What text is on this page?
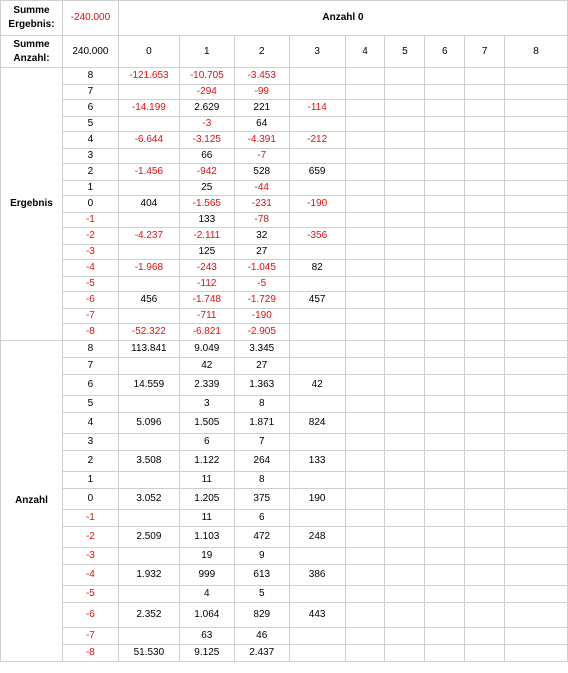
Summe Ergebnis:	-240.000	Anzahl 0								
Summe Anzahl:	240.000	0	1	2	3	4	5	6	7	8
Ergebnis	8	-121.653	-10.705	-3.453						
	7		-294	-99						
	6	-14.199	2.629	221	-114					
	5		-3	64						
	4	-6.644	-3.125	-4.391	-212					
	3		66	-7						
	2	-1.456	-942	528	659					
	1		25	-44						
	0	404	-1.565	-231	-190					
	-1		133	-78						
	-2	-4.237	-2.111	32	-356					
	-3		125	27						
	-4	-1.968	-243	-1.045	82					
	-5		-112	-5						
	-6	456	-1.748	-1.729	457					
	-7		-711	-190						
	-8	-52.322	-6.821	-2.905						
Anzahl	8	113.841	9.049	3.345						
	7		42	27						
	6	14.559	2.339	1.363	42					
	5		3	8						
	4	5.096	1.505	1.871	824					
	3		6	7						
	2	3.508	1.122	264	133					
	1		11	8						
	0	3.052	1.205	375	190					
	-1		11	6						
	-2	2.509	1.103	472	248					
	-3		19	9						
	-4	1.932	999	613	386					
	-5		4	5						
	-6	2.352	1.064	829	443					
	-7		63	46						
	-8	51.530	9.125	2.437						
